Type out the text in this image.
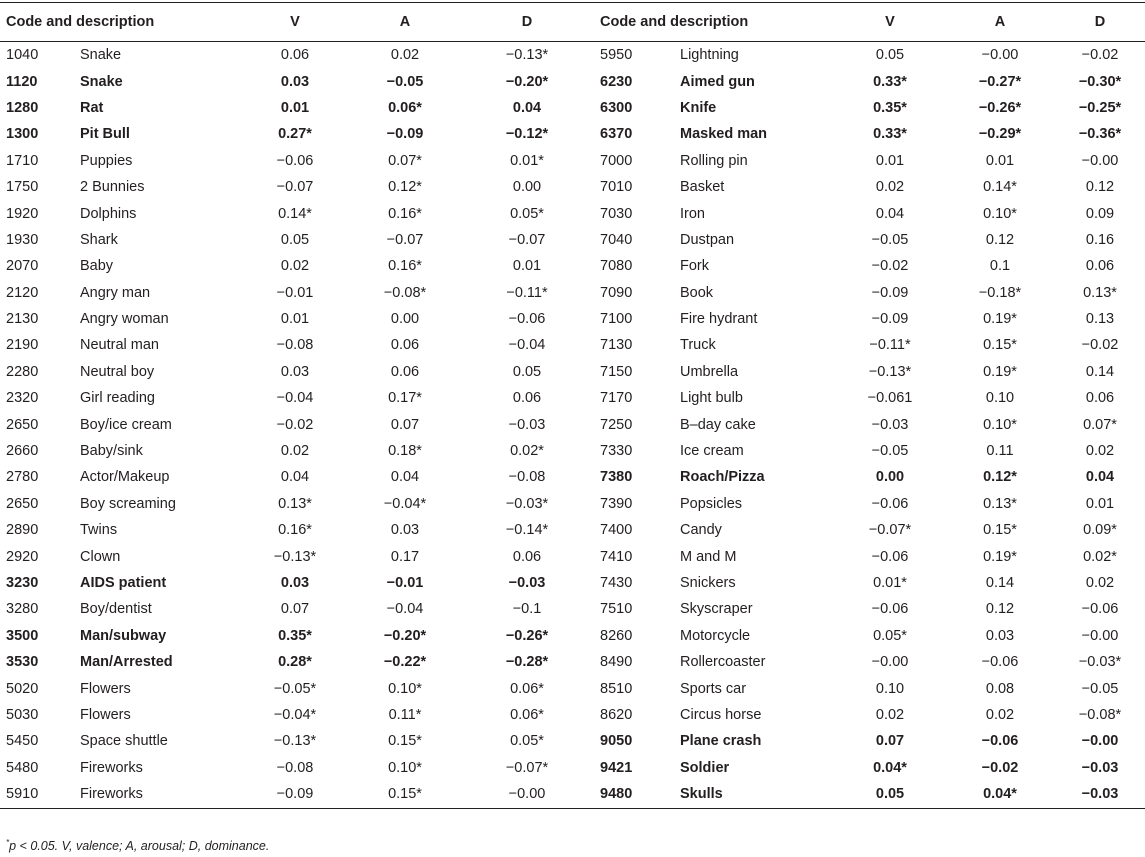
Code and description		V	A	D	Code and description		V	A	D
1040	Snake	0.06	0.02	−0.13*	5950	Lightning	0.05	−0.00	−0.02
1120	Snake	0.03	−0.05	−0.20*	6230	Aimed gun	0.33*	−0.27*	−0.30*
1280	Rat	0.01	0.06*	0.04	6300	Knife	0.35*	−0.26*	−0.25*
1300	Pit Bull	0.27*	−0.09	−0.12*	6370	Masked man	0.33*	−0.29*	−0.36*
1710	Puppies	−0.06	0.07*	0.01*	7000	Rolling pin	0.01	0.01	−0.00
1750	2 Bunnies	−0.07	0.12*	0.00	7010	Basket	0.02	0.14*	0.12
1920	Dolphins	0.14*	0.16*	0.05*	7030	Iron	0.04	0.10*	0.09
1930	Shark	0.05	−0.07	−0.07	7040	Dustpan	−0.05	0.12	0.16
2070	Baby	0.02	0.16*	0.01	7080	Fork	−0.02	0.1	0.06
2120	Angry man	−0.01	−0.08*	−0.11*	7090	Book	−0.09	−0.18*	0.13*
2130	Angry woman	0.01	0.00	−0.06	7100	Fire hydrant	−0.09	0.19*	0.13
2190	Neutral man	−0.08	0.06	−0.04	7130	Truck	−0.11*	0.15*	−0.02
2280	Neutral boy	0.03	0.06	0.05	7150	Umbrella	−0.13*	0.19*	0.14
2320	Girl reading	−0.04	0.17*	0.06	7170	Light bulb	−0.061	0.10	0.06
2650	Boy/ice cream	−0.02	0.07	−0.03	7250	B–day cake	−0.03	0.10*	0.07*
2660	Baby/sink	0.02	0.18*	0.02*	7330	Ice cream	−0.05	0.11	0.02
2780	Actor/Makeup	0.04	0.04	−0.08	7380	Roach/Pizza	0.00	0.12*	0.04
2650	Boy screaming	0.13*	−0.04*	−0.03*	7390	Popsicles	−0.06	0.13*	0.01
2890	Twins	0.16*	0.03	−0.14*	7400	Candy	−0.07*	0.15*	0.09*
2920	Clown	−0.13*	0.17	0.06	7410	M and M	−0.06	0.19*	0.02*
3230	AIDS patient	0.03	−0.01	−0.03	7430	Snickers	0.01*	0.14	0.02
3280	Boy/dentist	0.07	−0.04	−0.1	7510	Skyscraper	−0.06	0.12	−0.06
3500	Man/subway	0.35*	−0.20*	−0.26*	8260	Motorcycle	0.05*	0.03	−0.00
3530	Man/Arrested	0.28*	−0.22*	−0.28*	8490	Rollercoaster	−0.00	−0.06	−0.03*
5020	Flowers	−0.05*	0.10*	0.06*	8510	Sports car	0.10	0.08	−0.05
5030	Flowers	−0.04*	0.11*	0.06*	8620	Circus horse	0.02	0.02	−0.08*
5450	Space shuttle	−0.13*	0.15*	0.05*	9050	Plane crash	0.07	−0.06	−0.00
5480	Fireworks	−0.08	0.10*	−0.07*	9421	Soldier	0.04*	−0.02	−0.03
5910	Fireworks	−0.09	0.15*	−0.00	9480	Skulls	0.05	0.04*	−0.03
*p < 0.05. V, valence; A, arousal; D, dominance.
